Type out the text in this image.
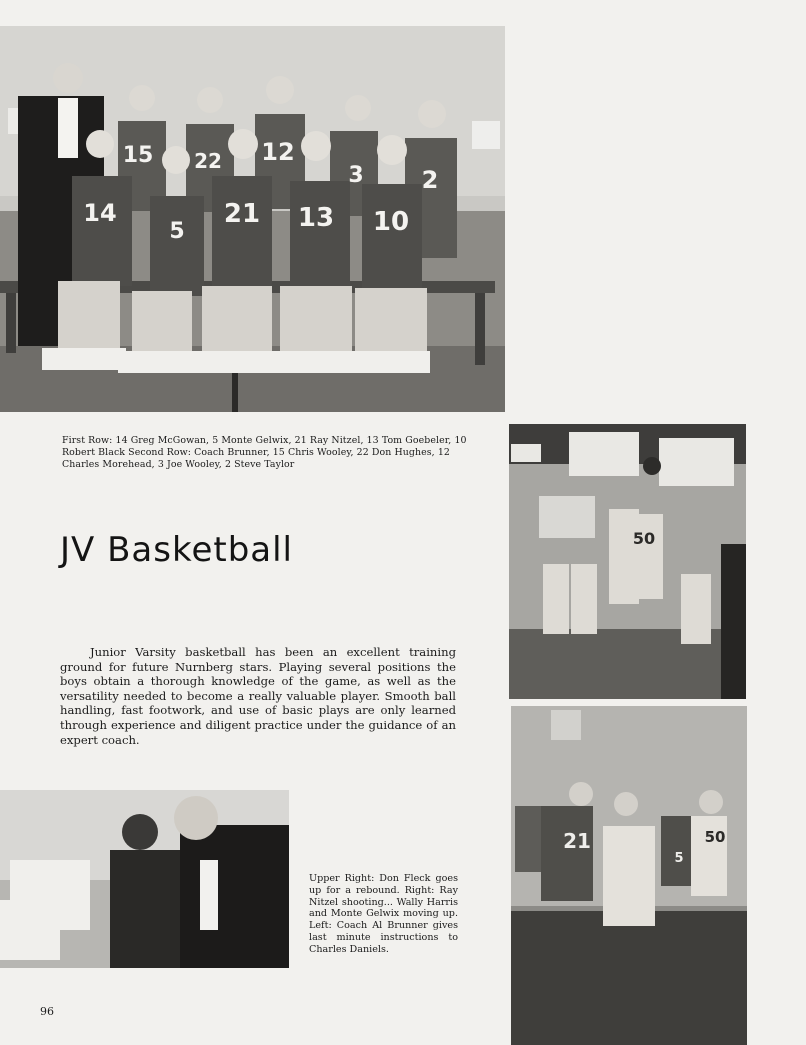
15 22 12
3 2
14
5
21 13 10

First Row: 14 Greg McGowan, 5 Monte Gelwix, 21 Ray Nitzel, 13 Tom Goebeler, 10 Robert Black Second Row: Coach Brunner, 15 Chris Wooley, 22 Don Hughes, 12 Charles Morehead, 3 Joe Wooley, 2 Steve Taylor

JV Basketball

Junior Varsity basketball has been an excellent training ground for future Nurnberg stars. Playing several positions the boys obtain a thorough knowledge of the game, as well as the versatility needed to become a really valuable player. Smooth ball handling, fast footwork, and use of basic plays are only learned through experience and diligent practice under the guidance of an expert coach.

50
21	50
5

Upper Right: Don Fleck goes up for a rebound. Right: Ray Nitzel shooting... Wally Harris and Monte Gelwix moving up. Left: Coach Al Brunner gives last minute instructions to Charles Daniels.

96
